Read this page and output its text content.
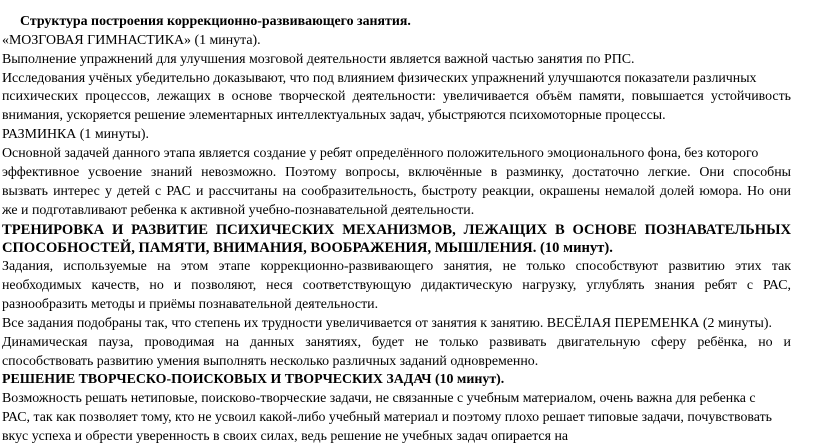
Структура построения коррекционно-развивающего занятия.
«МОЗГОВАЯ ГИМНАСТИКА» (1 минута).
Выполнение упражнений для улучшения мозговой деятельности является важной частью занятия по РПС.
Исследования учёных убедительно доказывают, что под влиянием физических упражнений улучшаются показатели различных
психических процессов, лежащих в основе творческой деятельности: увеличивается объём памяти, повышается устойчивость
внимания, ускоряется решение элементарных интеллектуальных задач, убыстряются психомоторные процессы.
РАЗМИНКА (1 минуты).
Основной задачей данного этапа является создание у ребят определённого положительного эмоционального фона, без которого
эффективное усвоение знаний невозможно. Поэтому вопросы, включённые в разминку, достаточно легкие. Они способны
вызвать интерес у детей с РАС и рассчитаны на сообразительность, быстроту реакции, окрашены немалой долей юмора. Но они
же и подготавливают ребенка к активной учебно-познавательной деятельности.
ТРЕНИРОВКА И РАЗВИТИЕ ПСИХИЧЕСКИХ МЕХАНИЗМОВ, ЛЕЖАЩИХ В ОСНОВЕ ПОЗНАВАТЕЛЬНЫХ
СПОСОБНОСТЕЙ, ПАМЯТИ, ВНИМАНИЯ, ВООБРАЖЕНИЯ, МЫШЛЕНИЯ. (10 минут).
Задания, используемые на этом этапе коррекционно-развивающего занятия, не только способствуют развитию этих так
необходимых качеств, но и позволяют, неся соответствующую дидактическую нагрузку, углублять знания ребят с РАС,
разнообразить методы и приёмы познавательной деятельности.
Все задания подобраны так, что степень их трудности увеличивается от занятия к занятию. ВЕСЁЛАЯ ПЕРЕМЕНКА (2 минуты).
Динамическая пауза, проводимая на данных занятиях, будет не только развивать двигательную сферу ребёнка, но и
способствовать развитию умения выполнять несколько различных заданий одновременно.
РЕШЕНИЕ ТВОРЧЕСКО-ПОИСКОВЫХ И ТВОРЧЕСКИХ ЗАДАЧ (10 минут).
Возможность решать нетиповые, поисково-творческие задачи, не связанные с учебным материалом, очень важна для ребенка с
РАС, так как позволяет тому, кто не усвоил какой-либо учебный материал и поэтому плохо решает типовые задачи, почувствовать
вкус успеха и обрести уверенность в своих силах, ведь решение не учебных задач опирается на
